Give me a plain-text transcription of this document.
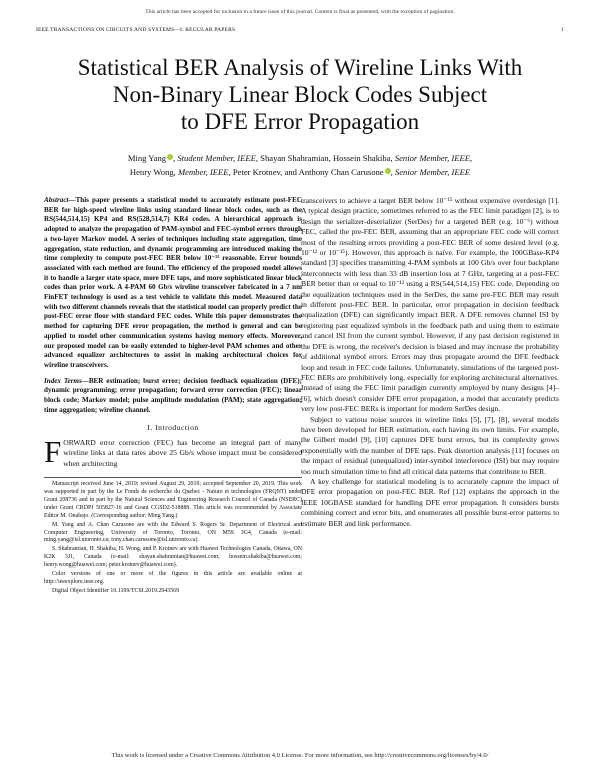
This article has been accepted for inclusion in a future issue of this journal. Content is final as presented, with the exception of pagination.
IEEE TRANSACTIONS ON CIRCUITS AND SYSTEMS—I: REGULAR PAPERS	1
Statistical BER Analysis of Wireline Links With
Non-Binary Linear Block Codes Subject
to DFE Error Propagation
Ming Yang , Student Member, IEEE, Shayan Shahramian, Hossein Shakiba, Senior Member, IEEE,
Henry Wong, Member, IEEE, Peter Krotnev, and Anthony Chan Carusone , Senior Member, IEEE

Abstract—This paper presents a statistical model to accurately estimate post-FEC BER for high-speed wireline links using standard linear block codes, such as the RS(544,514,15) KP4 and RS(528,514,7) KR4 codes. A hierarchical approach is adopted to analyze the propagation of PAM-symbol and FEC-symbol errors through a two-layer Markov model. A series of techniques including state aggregation, time aggregation, state reduction, and dynamic programming are introduced making the time complexity to compute post-FEC BER below 10⁻¹⁵ reasonable. Error bounds associated with each method are found. The efficiency of the proposed model allows it to handle a larger state space, more DFE taps, and more sophisticated linear block codes than prior work. A 4-PAM 60 Gb/s wireline transceiver fabricated in a 7 nm FinFET technology is used as a test vehicle to validate this model. Measured data with two different channels reveals that the statistical model can properly predict the post-FEC error floor with standard FEC codes. While this paper demonstrates the method for capturing DFE error propagation, the method is general and can be applied to model other communication systems having memory effects. Moreover, our proposed model can be easily extended to higher-level PAM schemes and other advanced equalizer architectures to assist in making architectural choices for wireline transceivers.

Index Terms—BER estimation; burst error; decision feedback equalization (DFE); dynamic programming; error propagation; forward error correction (FEC); linear block code; Markov model; pulse amplitude modulation (PAM); state aggregation; time aggregation; wireline channel.

I. Introduction

FORWARD error correction (FEC) has become an integral part of many wireline links at data rates above 25 Gb/s whose impact must be considered when architecting

Manuscript received June 14, 2019; revised August 29, 2019; accepted September 20, 2019. This work was supported in part by the Le Fonds de recherche du Quebec - Nature et technologies (FRQNT) under Grant 208736 and in part by the Natural Sciences and Engineering Research Council of Canada (NSERC) under Grant CRDPJ 505827-16 and Grant CGSD2-518889. This article was recommended by Associate Editor M. Onabajo. (Corresponding author: Ming Yang.)

M. Yang and A. Chan Carusone are with the Edward S. Rogers Sr. Department of Electrical and Computer Engineering, University of Toronto, Toronto, ON M5S 3G4, Canada (e-mail: ming.yang@isl.utoronto.ca; tony.chan.carusone@isl.utoronto.ca).

S. Shahramian, H. Shakiba, H. Wong, and P. Krotnev are with Huawei Technologies Canada, Ottawa, ON K2K 3J1, Canada (e-mail: shayan.shahramian@huawei.com; hossein.shakiba@huawei.com; henry.wong@huawei.com; peter.krotnev@huawei.com).

Color versions of one or more of the figures in this article are available online at http://ieeexplore.ieee.org.

Digital Object Identifier 10.1109/TCSI.2019.2943569

transceivers to achieve a target BER below 10⁻¹⁵ without expensive overdesign [1]. A typical design practice, sometimes referred to as the FEC limit paradigm [2], is to design the serializer-deserializer (SerDes) for a targeted BER (e.g. 10⁻⁶) without FEC, called the pre-FEC BER, assuming that an appropriate FEC code will correct most of the resulting errors providing a post-FEC BER of some desired level (e.g. 10⁻¹² or 10⁻¹⁵). However, this approach is naïve. For example, the 100GBase-KP4 standard [3] specifies transmitting 4-PAM symbols at 100 Gb/s over four backplane interconnects with less than 33 dB insertion loss at 7 GHz, targeting at a post-FEC BER better than or equal to 10⁻¹² using a RS(544,514,15) FEC code. Depending on the equalization techniques used in the SerDes, the same pre-FEC BER may result in different post-FEC BER. In particular, error propagation in decision feedback equalization (DFE) can significantly impact BER. A DFE removes channel ISI by registering past equalized symbols in the feedback path and using them to estimate and cancel ISI from the current symbol. However, if any past decision registered in the DFE is wrong, the receiver's decision is biased and may increase the probability of additional symbol errors. Errors may thus propagate around the DFE feedback loop and result in FEC code failures. Unfortunately, simulations of the targeted post-FEC BERs are prohibitively long, especially for exploring architectural alternatives. Instead of using the FEC limit paradigm currently employed by many designs [4]–[6], which doesn't consider DFE error propagation, a model that accurately predicts very low post-FEC BERs is important for modern SerDes design.

Subject to various noise sources in wireline links [5], [7], [8], several models have been developed for BER estimation, each having its own limits. For example, the Gilbert model [9], [10] captures DFE burst errors, but its complexity grows exponentially with the number of DFE taps. Peak distortion analysis [11] focuses on the impact of residual (unequalized) inter-symbol interference (ISI) but may require too much simulation time to find all critical data patterns that contribute to BER.

A key challenge for statistical modeling is to accurately capture the impact of DFE error propagation on post-FEC BER. Ref [12] explains the approach in the IEEE 10GBASE standard for handling DFE error propagation. It considers bursts combining correct and error bits, and enumerates all possible burst-error patterns to estimate BER and link performance.

This work is licensed under a Creative Commons Attribution 4.0 License. For more information, see http://creativecommons.org/licenses/by/4.0/
